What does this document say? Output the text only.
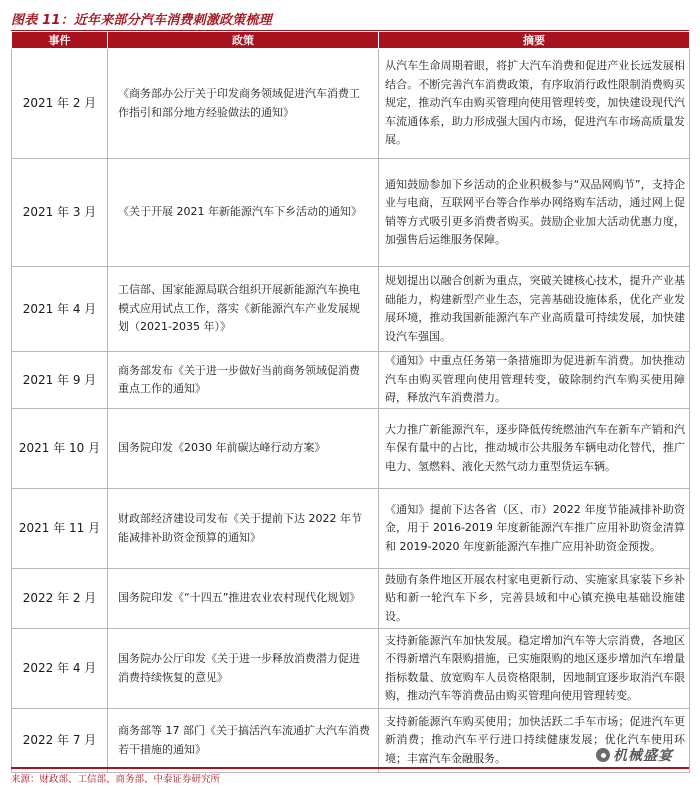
图表 11：近年来部分汽车消费刺激政策梳理
事件	政策	摘要
2021 年 2 月	《商务部办公厅关于印发商务领域促进汽车消费工作指引和部分地方经验做法的通知》	从汽车生命周期着眼，将扩大汽车消费和促进产业长远发展相结合。不断完善汽车消费政策，有序取消行政性限制消费购买规定，推动汽车由购买管理向使用管理转变，加快建设现代汽车流通体系，助力形成强大国内市场，促进汽车市场高质量发展。
2021 年 3 月	《关于开展 2021 年新能源汽车下乡活动的通知》	通知鼓励参加下乡活动的企业积极参与“双品网购节”，支持企业与电商，互联网平台等合作举办网络购车活动，通过网上促销等方式吸引更多消费者购买。鼓励企业加大活动优惠力度，加强售后运维服务保障。
2021 年 4 月	工信部、国家能源局联合组织开展新能源汽车换电模式应用试点工作，落实《新能源汽车产业发展规划（2021-2035 年）》	规划提出以融合创新为重点，突破关键核心技术，提升产业基础能力，构建新型产业生态，完善基础设施体系，优化产业发展环境，推动我国新能源汽车产业高质量可持续发展，加快建设汽车强国。
2021 年 9 月	商务部发布《关于进一步做好当前商务领域促消费重点工作的通知》	《通知》中重点任务第一条措施即为促进新车消费。加快推动汽车由购买管理向使用管理转变，破除制约汽车购买使用障碍，释放汽车消费潜力。
2021 年 10 月	国务院印发《2030 年前碳达峰行动方案》	大力推广新能源汽车，逐步降低传统燃油汽车在新车产销和汽车保有量中的占比，推动城市公共服务车辆电动化替代，推广电力、氢燃料、液化天然气动力重型货运车辆。
2021 年 11 月	财政部经济建设司发布《关于提前下达 2022 年节能减排补助资金预算的通知》	《通知》提前下达各省（区、市）2022 年度节能减排补助资金，用于 2016-2019 年度新能源汽车推广应用补助资金清算和 2019-2020 年度新能源汽车推广应用补助资金预拨。
2022 年 2 月	国务院印发《“十四五”推进农业农村现代化规划》	鼓励有条件地区开展农村家电更新行动、实施家具家装下乡补贴和新一轮汽车下乡，完善县域和中心镇充换电基础设施建设。
2022 年 4 月	国务院办公厅印发《关于进一步释放消费潜力促进消费持续恢复的意见》	支持新能源汽车加快发展。稳定增加汽车等大宗消费，各地区不得新增汽车限购措施，已实施限购的地区逐步增加汽车增量指标数量、放宽购车人员资格限制，因地制宜逐步取消汽车限购，推动汽车等消费品由购买管理向使用管理转变。
2022 年 7 月	商务部等 17 部门《关于搞活汽车流通扩大汽车消费若干措施的通知》	支持新能源汽车购买使用；加快活跃二手车市场；促进汽车更新消费；推动汽车平行进口持续健康发展；优化汽车使用环境；丰富汽车金融服务。	机械盛宴
来源：财政部、工信部、商务部、中泰证券研究所
